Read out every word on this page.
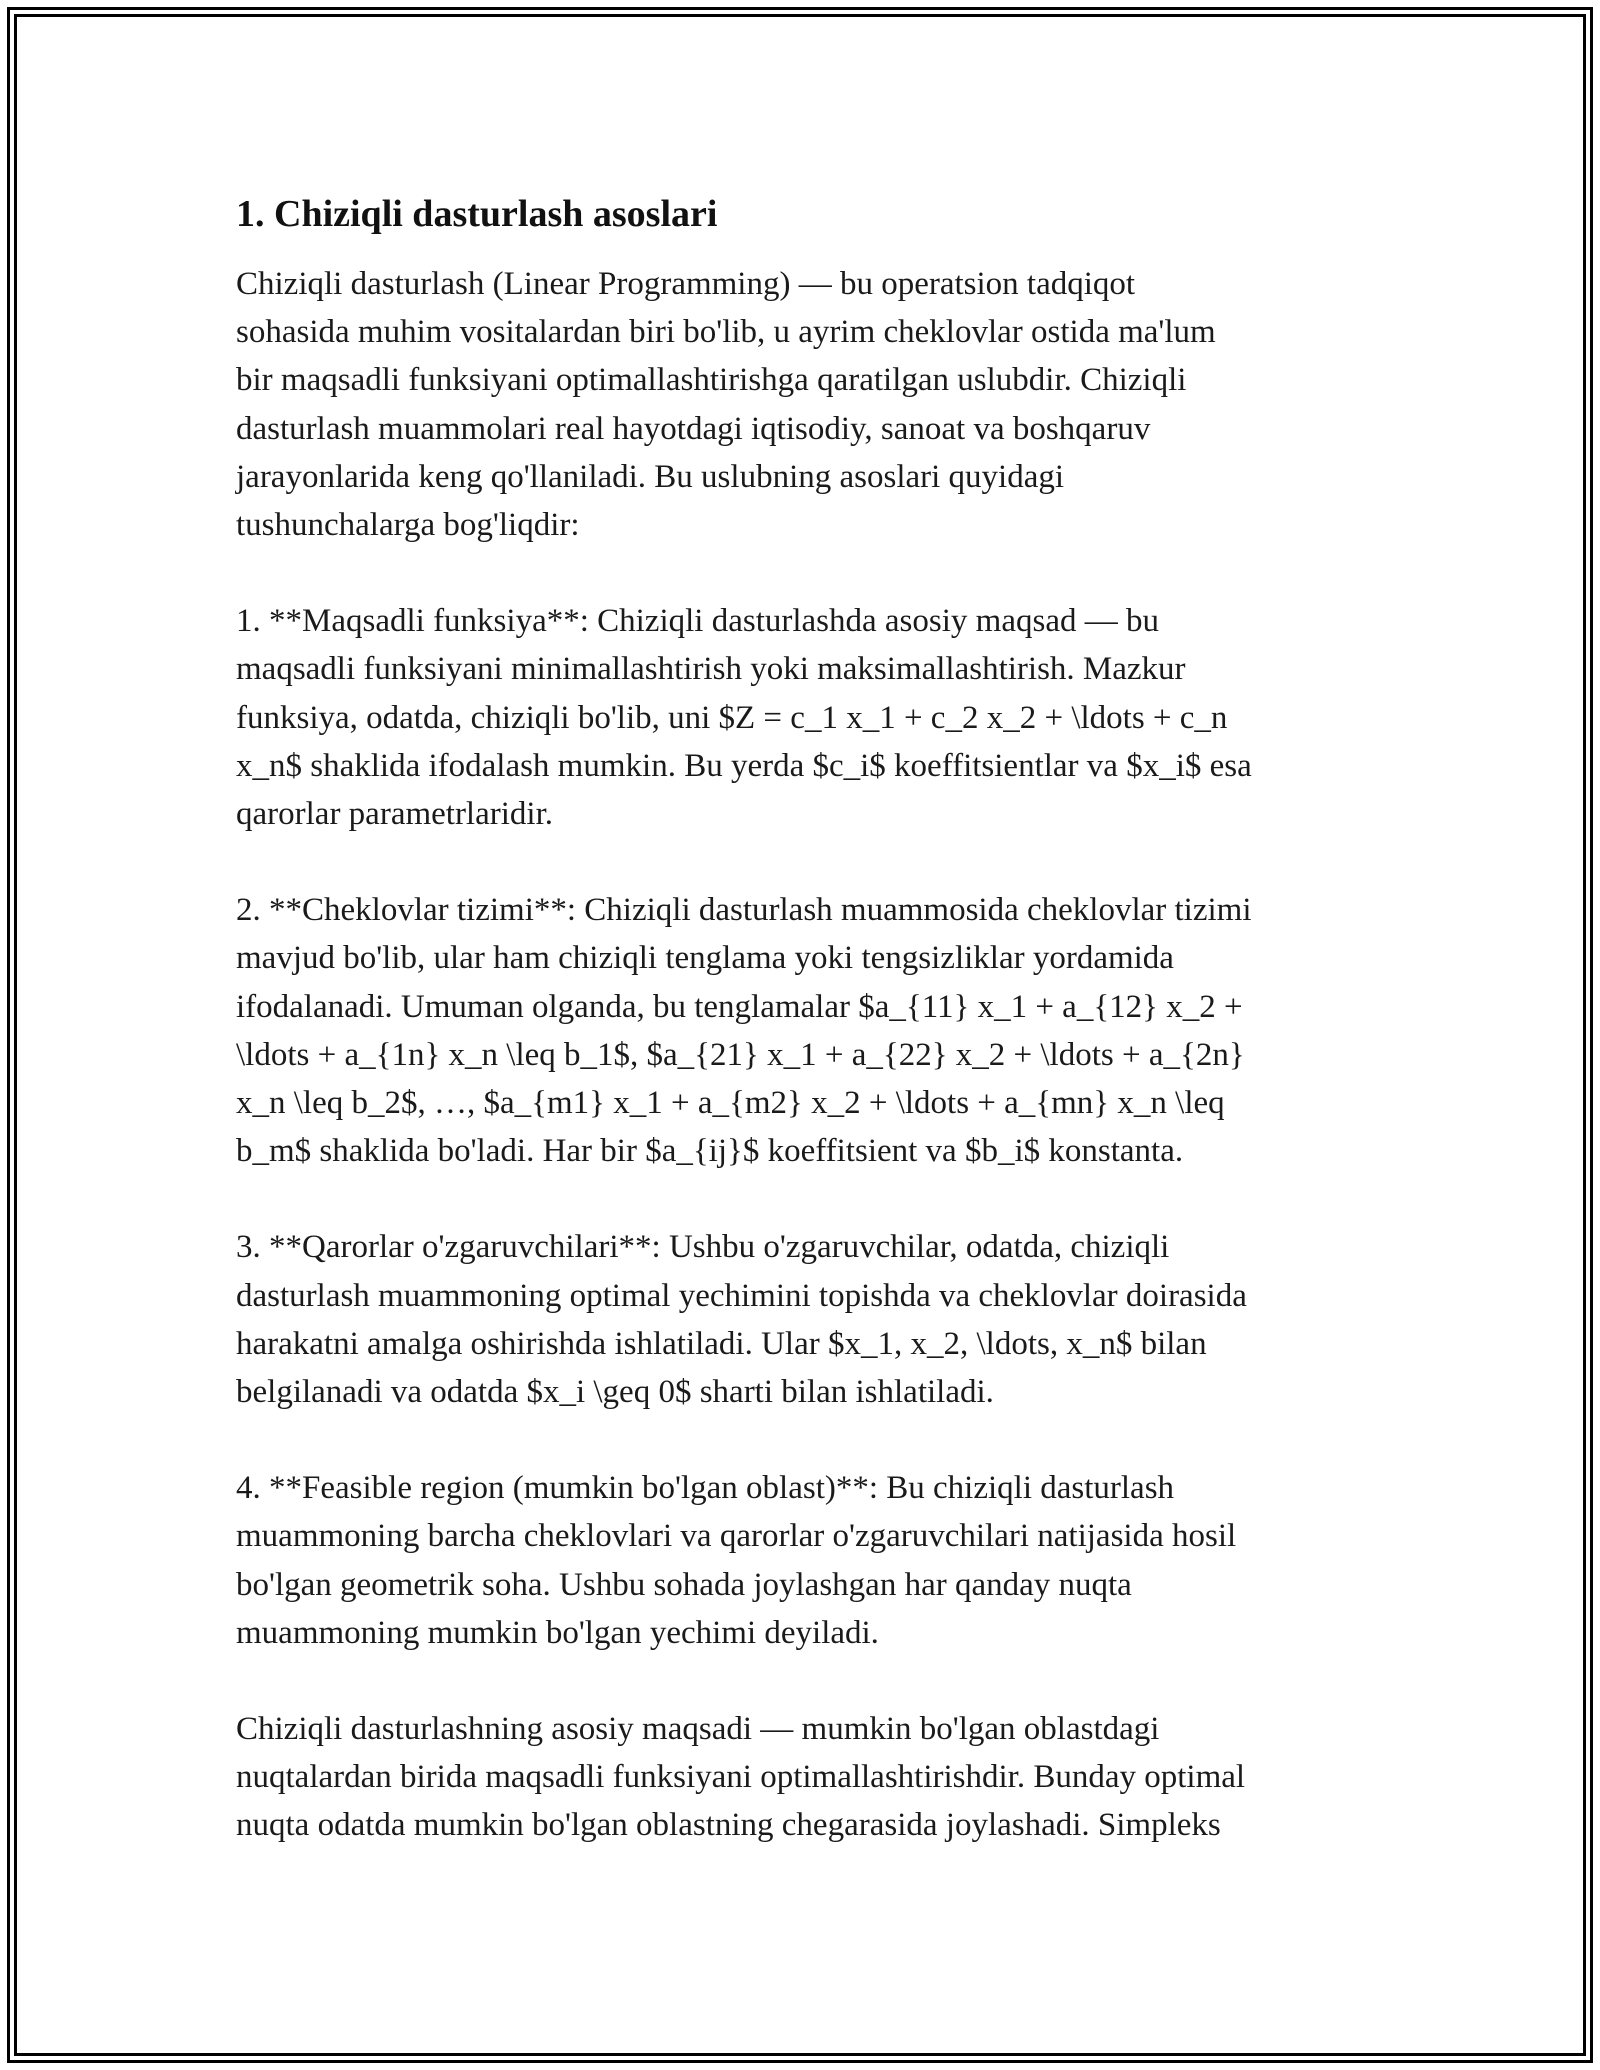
1. Chiziqli dasturlash asoslari

Chiziqli dasturlash (Linear Programming) — bu operatsion tadqiqot
sohasida muhim vositalardan biri bo'lib, u ayrim cheklovlar ostida ma'lum
bir maqsadli funksiyani optimallashtirishga qaratilgan uslubdir. Chiziqli
dasturlash muammolari real hayotdagi iqtisodiy, sanoat va boshqaruv
jarayonlarida keng qo'llaniladi. Bu uslubning asoslari quyidagi
tushunchalarga bog'liqdir:

1. **Maqsadli funksiya**: Chiziqli dasturlashda asosiy maqsad — bu
maqsadli funksiyani minimallashtirish yoki maksimallashtirish. Mazkur
funksiya, odatda, chiziqli bo'lib, uni $Z = c_1 x_1 + c_2 x_2 + \ldots + c_n
x_n$ shaklida ifodalash mumkin. Bu yerda $c_i$ koeffitsientlar va $x_i$ esa
qarorlar parametrlaridir.

2. **Cheklovlar tizimi**: Chiziqli dasturlash muammosida cheklovlar tizimi
mavjud bo'lib, ular ham chiziqli tenglama yoki tengsizliklar yordamida
ifodalanadi. Umuman olganda, bu tenglamalar $a_{11} x_1 + a_{12} x_2 +
\ldots + a_{1n} x_n \leq b_1$, $a_{21} x_1 + a_{22} x_2 + \ldots + a_{2n}
x_n \leq b_2$, …, $a_{m1} x_1 + a_{m2} x_2 + \ldots + a_{mn} x_n \leq
b_m$ shaklida bo'ladi. Har bir $a_{ij}$ koeffitsient va $b_i$ konstanta.

3. **Qarorlar o'zgaruvchilari**: Ushbu o'zgaruvchilar, odatda, chiziqli
dasturlash muammoning optimal yechimini topishda va cheklovlar doirasida
harakatni amalga oshirishda ishlatiladi. Ular $x_1, x_2, \ldots, x_n$ bilan
belgilanadi va odatda $x_i \geq 0$ sharti bilan ishlatiladi.

4. **Feasible region (mumkin bo'lgan oblast)**: Bu chiziqli dasturlash
muammoning barcha cheklovlari va qarorlar o'zgaruvchilari natijasida hosil
bo'lgan geometrik soha. Ushbu sohada joylashgan har qanday nuqta
muammoning mumkin bo'lgan yechimi deyiladi.

Chiziqli dasturlashning asosiy maqsadi — mumkin bo'lgan oblastdagi
nuqtalardan birida maqsadli funksiyani optimallashtirishdir. Bunday optimal
nuqta odatda mumkin bo'lgan oblastning chegarasida joylashadi. Simpleks
